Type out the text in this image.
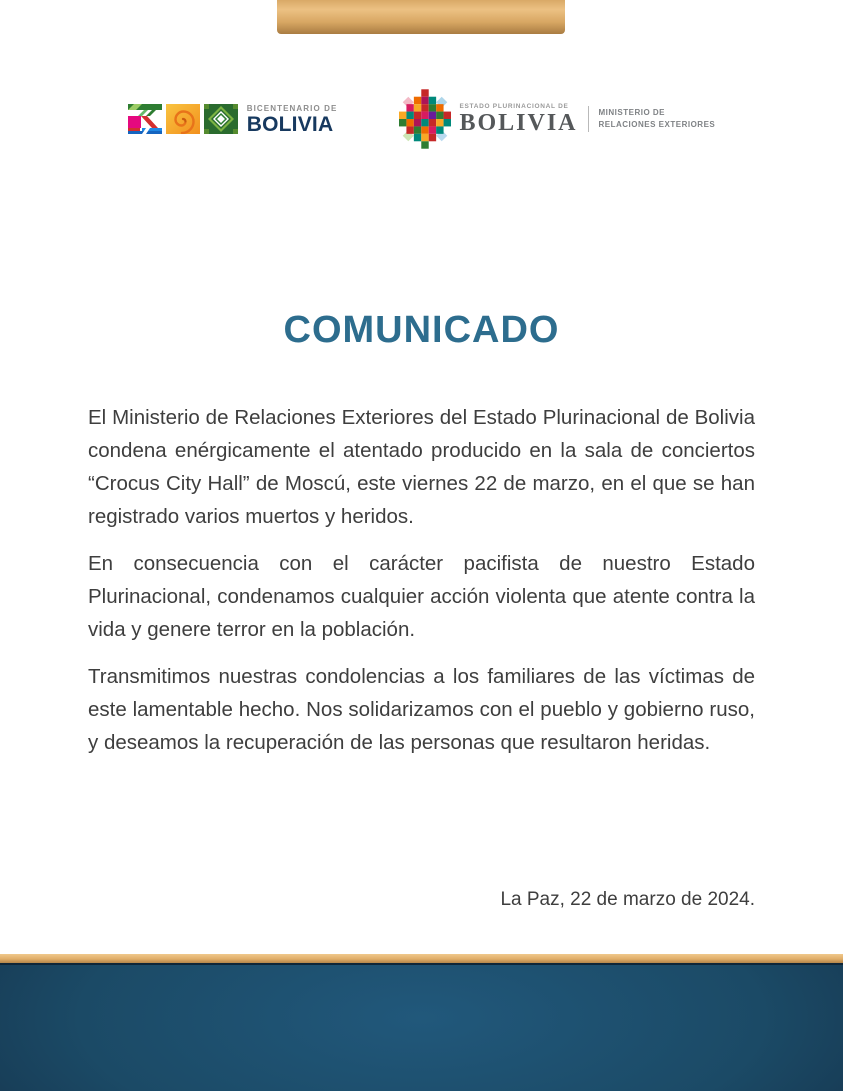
BICENTENARIO DE
BOLIVIA
ESTADO PLURINACIONAL DE
BOLIVIA	MINISTERIO DE
RELACIONES EXTERIORES
COMUNICADO

El Ministerio de Relaciones Exteriores del Estado Plurinacional de Bolivia condena enérgicamente el atentado producido en la sala de conciertos “Crocus City Hall” de Moscú, este viernes 22 de marzo, en el que se han registrado varios muertos y heridos.

En consecuencia con el carácter pacifista de nuestro Estado Plurinacional, condenamos cualquier acción violenta que atente contra la vida y genere terror en la población.

Transmitimos nuestras condolencias a los familiares de las víctimas de este lamentable hecho. Nos solidarizamos con el pueblo y gobierno ruso, y deseamos la recuperación de las personas que resultaron heridas.

La Paz, 22 de marzo de 2024.
